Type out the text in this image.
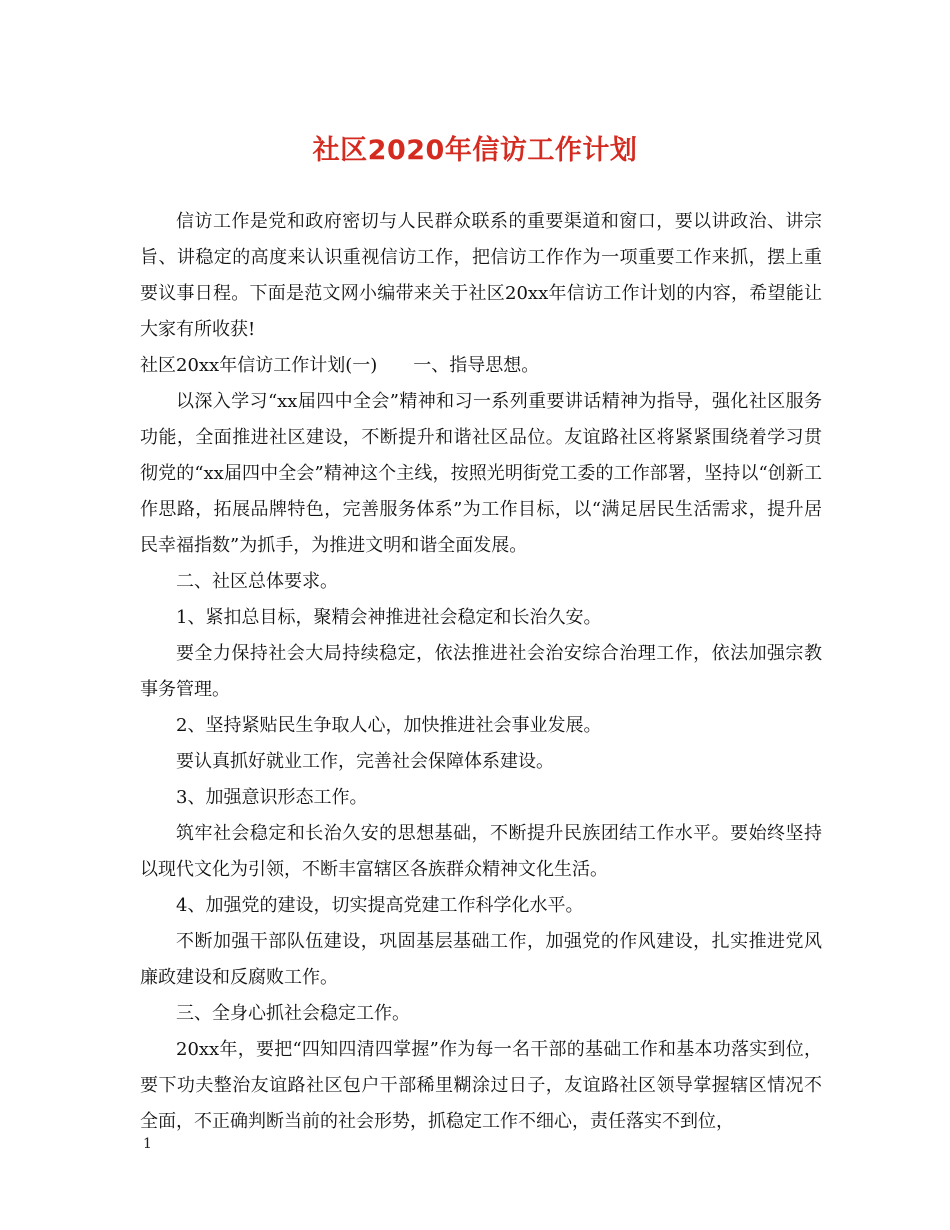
社区2020年信访工作计划

信访工作是党和政府密切与人民群众联系的重要渠道和窗口，要以讲政治、讲宗旨、讲稳定的高度来认识重视信访工作，把信访工作作为一项重要工作来抓，摆上重要议事日程。下面是范文网小编带来关于社区20xx年信访工作计划的内容，希望能让大家有所收获!

社区20xx年信访工作计划(一)　　一、指导思想。

以深入学习“xx届四中全会”精神和习一系列重要讲话精神为指导，强化社区服务功能，全面推进社区建设，不断提升和谐社区品位。友谊路社区将紧紧围绕着学习贯彻党的“xx届四中全会”精神这个主线，按照光明街党工委的工作部署，坚持以“创新工作思路，拓展品牌特色，完善服务体系”为工作目标，以“满足居民生活需求，提升居民幸福指数”为抓手，为推进文明和谐全面发展。

二、社区总体要求。

1、紧扣总目标，聚精会神推进社会稳定和长治久安。

要全力保持社会大局持续稳定，依法推进社会治安综合治理工作，依法加强宗教事务管理。

2、坚持紧贴民生争取人心，加快推进社会事业发展。

要认真抓好就业工作，完善社会保障体系建设。

3、加强意识形态工作。

筑牢社会稳定和长治久安的思想基础，不断提升民族团结工作水平。要始终坚持以现代文化为引领，不断丰富辖区各族群众精神文化生活。

4、加强党的建设，切实提高党建工作科学化水平。

不断加强干部队伍建设，巩固基层基础工作，加强党的作风建设，扎实推进党风廉政建设和反腐败工作。

三、全身心抓社会稳定工作。

20xx年，要把“四知四清四掌握”作为每一名干部的基础工作和基本功落实到位，要下功夫整治友谊路社区包户干部稀里糊涂过日子，友谊路社区领导掌握辖区情况不全面，不正确判断当前的社会形势，抓稳定工作不细心，责任落实不到位，

1
